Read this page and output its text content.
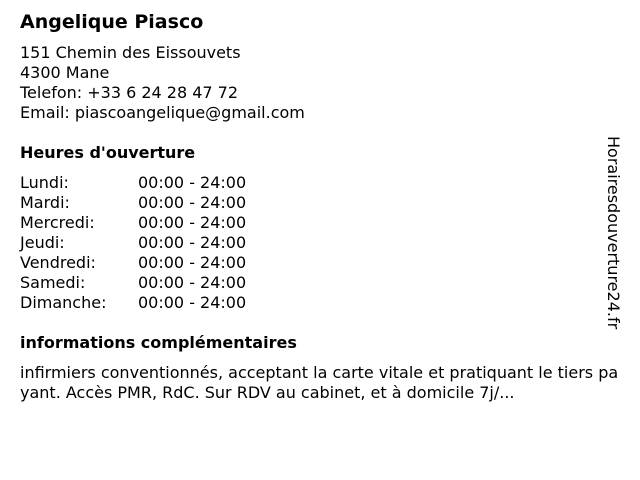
Angelique Piasco
151 Chemin des Eissouvets
4300 Mane
Telefon: +33 6 24 28 47 72
Email: piascoangelique@gmail.com
Heures d'ouverture
Lundi:	00:00 - 24:00
Mardi:	00:00 - 24:00
Mercredi:	00:00 - 24:00
Jeudi:	00:00 - 24:00
Vendredi:	00:00 - 24:00
Samedi:	00:00 - 24:00
Dimanche:	00:00 - 24:00
informations complémentaires
infirmiers conventionnés, acceptant la carte vitale et pratiquant le tiers payant. Accès PMR, RdC. Sur RDV au cabinet, et à domicile 7j/...
Horairesdouverture24.fr
